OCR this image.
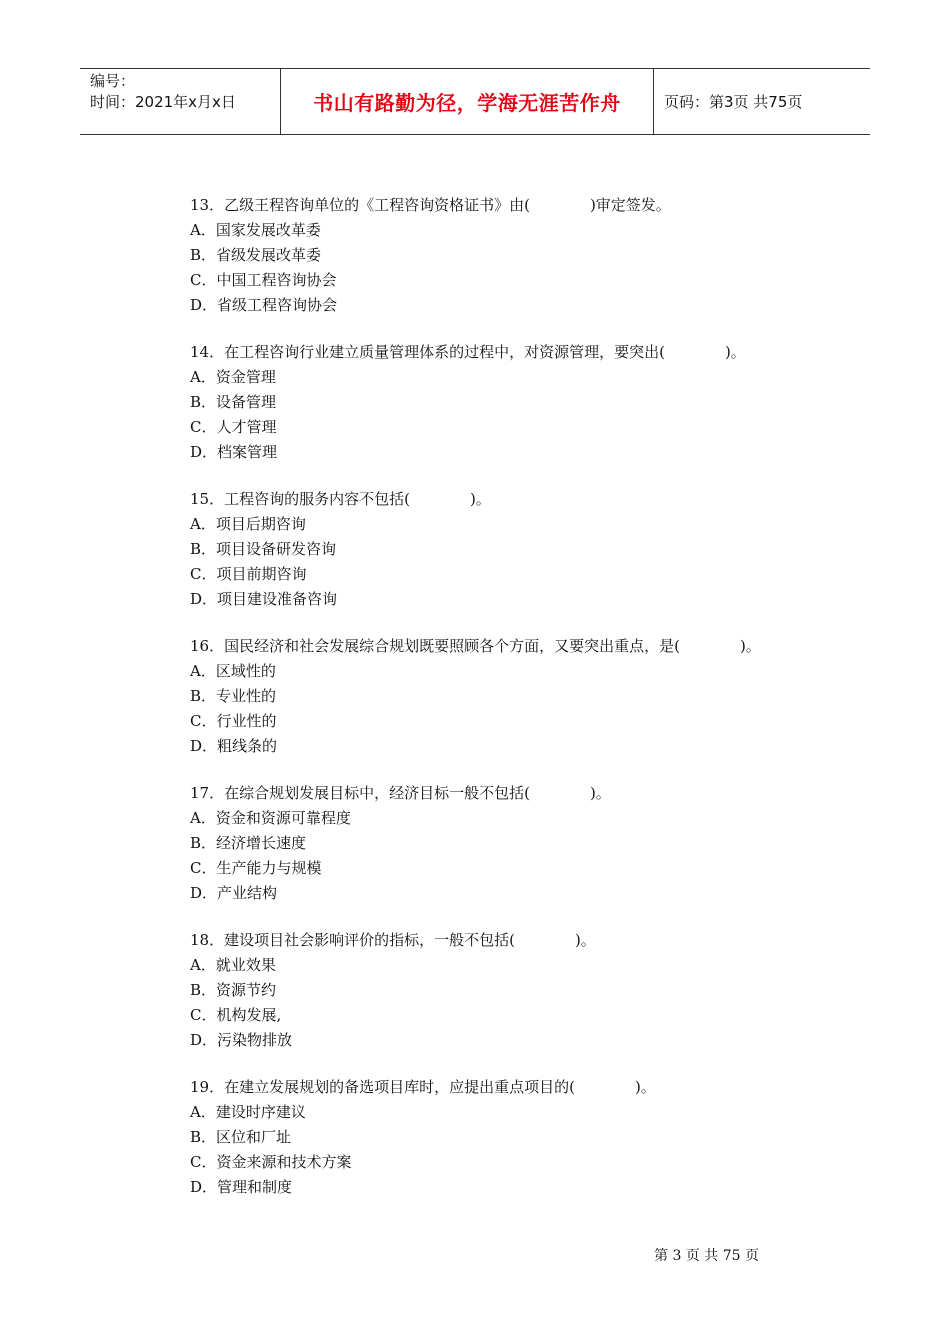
编号：
时间：2021年x月x日	书山有路勤为径，学海无涯苦作舟	页码：第3页 共75页
13．乙级王程咨询单位的《工程咨询资格证书》由(　　　　)审定签发。
A．国家发展改革委
B．省级发展改革委
C．中国工程咨询协会
D．省级工程咨询协会
14．在工程咨询行业建立质量管理体系的过程中，对资源管理，要突出(　　　　)。
A．资金管理
B．设备管理
C．人才管理
D．档案管理
15．工程咨询的服务内容不包括(　　　　)。
A．项目后期咨询
B．项目设备研发咨询
C．项目前期咨询
D．项目建设准备咨询
16．国民经济和社会发展综合规划既要照顾各个方面，又要突出重点，是(　　　　)。
A．区域性的
B．专业性的
C．行业性的
D．粗线条的
17．在综合规划发展目标中，经济目标一般不包括(　　　　)。
A．资金和资源可靠程度
B．经济增长速度
C．生产能力与规模
D．产业结构
18．建设项目社会影响评价的指标，一般不包括(　　　　)。
A．就业效果
B．资源节约
C．机构发展,
D．污染物排放
19．在建立发展规划的备选项目库时，应提出重点项目的(　　　　)。
A．建设时序建议
B．区位和厂址
C．资金来源和技术方案
D．管理和制度
第 3 页 共 75 页
